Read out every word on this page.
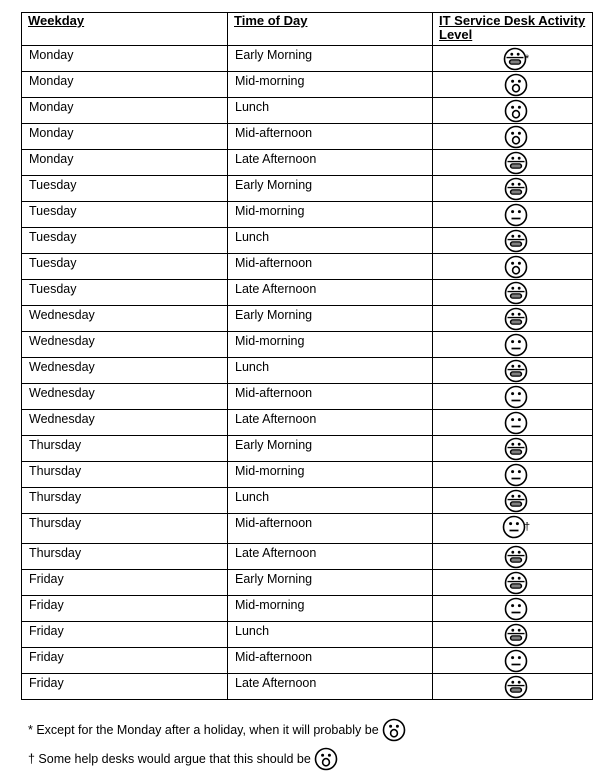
Weekday	Time of Day	IT Service Desk Activity Level
Monday	Early Morning	*
Monday	Mid-morning	
Monday	Lunch	
Monday	Mid-afternoon	
Monday	Late Afternoon	
Tuesday	Early Morning	
Tuesday	Mid-morning	
Tuesday	Lunch	
Tuesday	Mid-afternoon	
Tuesday	Late Afternoon	
Wednesday	Early Morning	
Wednesday	Mid-morning	
Wednesday	Lunch	
Wednesday	Mid-afternoon	
Wednesday	Late Afternoon	
Thursday	Early Morning	
Thursday	Mid-morning	
Thursday	Lunch	
Thursday	Mid-afternoon	†
Thursday	Late Afternoon	
Friday	Early Morning	
Friday	Mid-morning	
Friday	Lunch	
Friday	Mid-afternoon	
Friday	Late Afternoon	
* Except for the Monday after a holiday, when it will probably be
† Some help desks would argue that this should be
